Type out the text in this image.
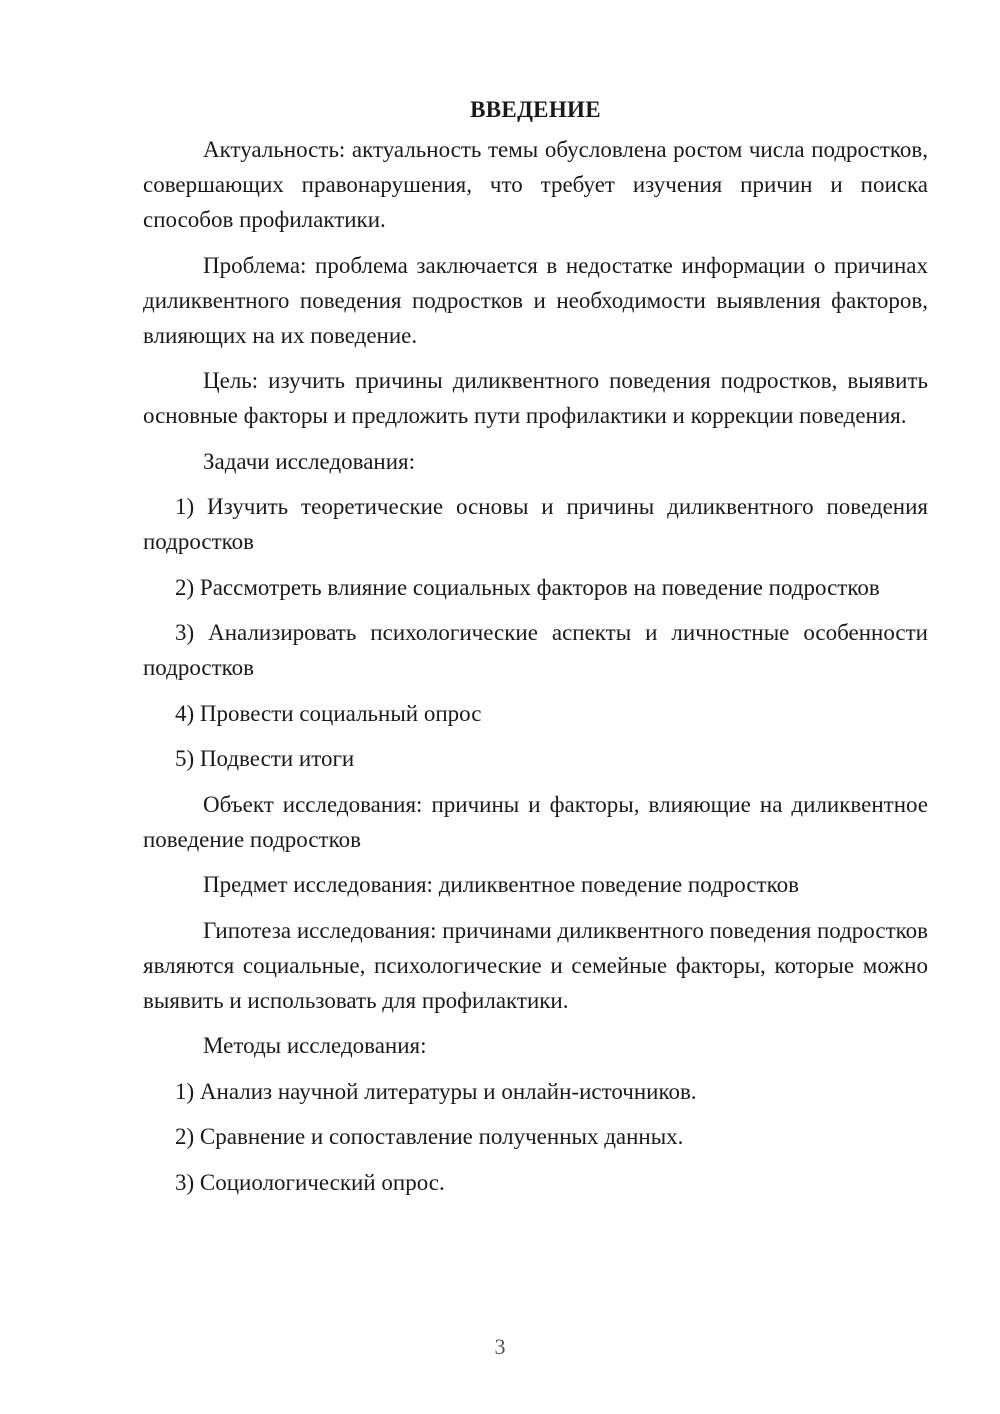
ВВЕДЕНИЕ

Актуальность: актуальность темы обусловлена ростом числа подростков, совершающих правонарушения, что требует изучения причин и поиска способов профилактики.

Проблема: проблема заключается в недостатке информации о причинах диликвентного поведения подростков и необходимости выявления факторов, влияющих на их поведение.

Цель: изучить причины диликвентного поведения подростков, выявить основные факторы и предложить пути профилактики и коррекции поведения.

Задачи исследования:

1) Изучить теоретические основы и причины диликвентного поведения подростков

2) Рассмотреть влияние социальных факторов на поведение подростков

3) Анализировать психологические аспекты и личностные особенности подростков

4) Провести социальный опрос

5) Подвести итоги

Объект исследования: причины и факторы, влияющие на диликвентное поведение подростков

Предмет исследования: диликвентное поведение подростков

Гипотеза исследования: причинами диликвентного поведения подростков являются социальные, психологические и семейные факторы, которые можно выявить и использовать для профилактики.

Методы исследования:

1) Анализ научной литературы и онлайн-источников.

2) Сравнение и сопоставление полученных данных.

3) Социологический опрос.

3
